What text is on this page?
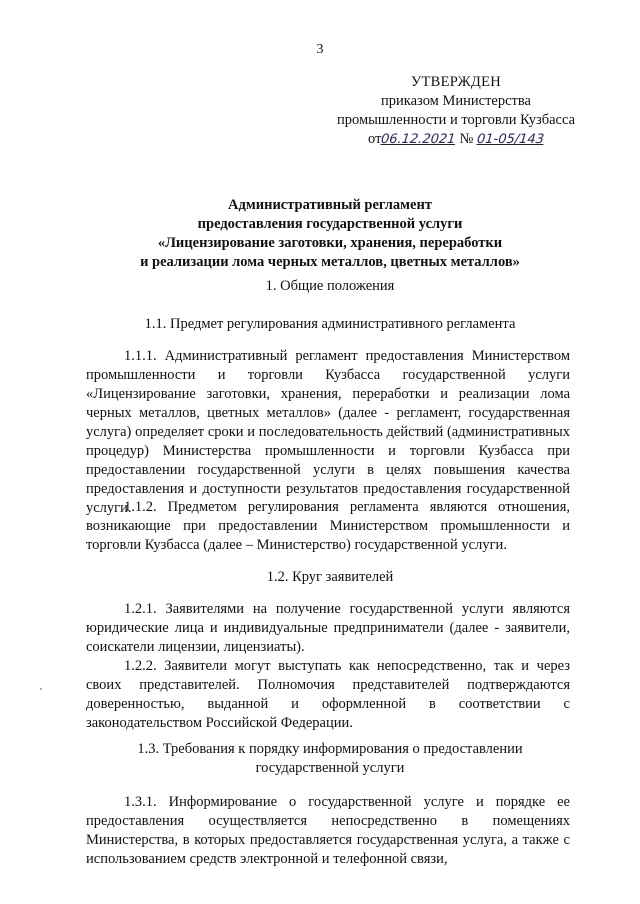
3
УТВЕРЖДЕН
приказом Министерства
промышленности и торговли Кузбасса
от06.12.2021 № 01-05/143
Административный регламент
предоставления государственной услуги
«Лицензирование заготовки, хранения, переработки
и реализации лома черных металлов, цветных металлов»
1. Общие положения
1.1. Предмет регулирования административного регламента
1.1.1. Административный регламент предоставления Министерством промышленности и торговли Кузбасса государственной услуги «Лицензирование заготовки, хранения, переработки и реализации лома черных металлов, цветных металлов» (далее - регламент, государственная услуга) определяет сроки и последовательность действий (административных процедур) Министерства промышленности и торговли Кузбасса при предоставлении государственной услуги в целях повышения качества предоставления и доступности результатов предоставления государственной услуги.
1.1.2. Предметом регулирования регламента являются отношения, возникающие при предоставлении Министерством промышленности и торговли Кузбасса (далее – Министерство) государственной услуги.
1.2. Круг заявителей
1.2.1. Заявителями на получение государственной услуги являются юридические лица и индивидуальные предприниматели (далее - заявители, соискатели лицензии, лицензиаты).
1.2.2. Заявители могут выступать как непосредственно, так и через своих представителей. Полномочия представителей подтверждаются доверенностью, выданной и оформленной в соответствии с законодательством Российской Федерации.
1.3. Требования к порядку информирования о предоставлении
государственной услуги
1.3.1. Информирование о государственной услуге и порядке ее предоставления осуществляется непосредственно в помещениях Министерства, в которых предоставляется государственная услуга, а также с использованием средств электронной и телефонной связи,
